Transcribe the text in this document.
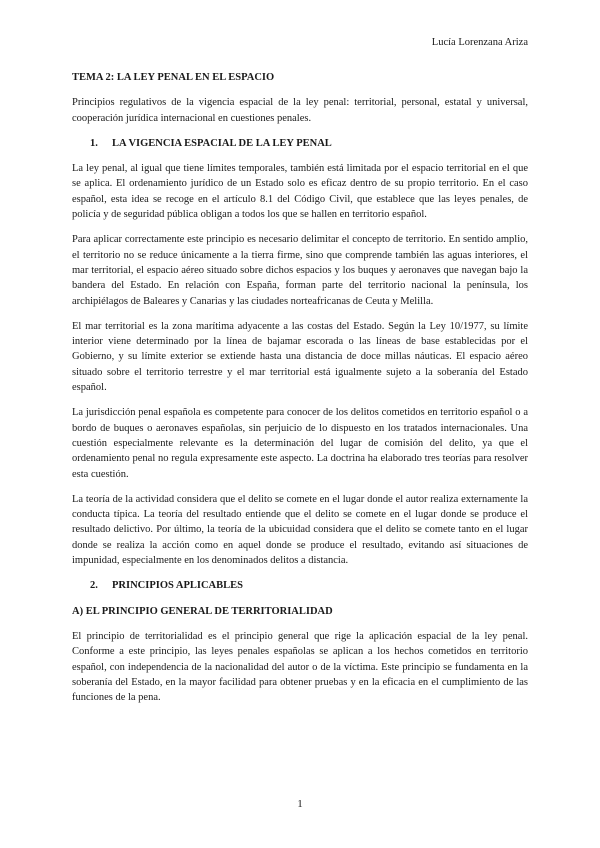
Lucía Lorenzana Ariza

TEMA 2: LA LEY PENAL EN EL ESPACIO

Principios regulativos de la vigencia espacial de la ley penal: territorial, personal, estatal y universal, cooperación jurídica internacional en cuestiones penales.

1. LA VIGENCIA ESPACIAL DE LA LEY PENAL

La ley penal, al igual que tiene límites temporales, también está limitada por el espacio territorial en el que se aplica. El ordenamiento jurídico de un Estado solo es eficaz dentro de su propio territorio. En el caso español, esta idea se recoge en el artículo 8.1 del Código Civil, que establece que las leyes penales, de policía y de seguridad pública obligan a todos los que se hallen en territorio español.

Para aplicar correctamente este principio es necesario delimitar el concepto de territorio. En sentido amplio, el territorio no se reduce únicamente a la tierra firme, sino que comprende también las aguas interiores, el mar territorial, el espacio aéreo situado sobre dichos espacios y los buques y aeronaves que navegan bajo la bandera del Estado. En relación con España, forman parte del territorio nacional la península, los archipiélagos de Baleares y Canarias y las ciudades norteafricanas de Ceuta y Melilla.

El mar territorial es la zona marítima adyacente a las costas del Estado. Según la Ley 10/1977, su límite interior viene determinado por la línea de bajamar escorada o las líneas de base establecidas por el Gobierno, y su límite exterior se extiende hasta una distancia de doce millas náuticas. El espacio aéreo situado sobre el territorio terrestre y el mar territorial está igualmente sujeto a la soberanía del Estado español.

La jurisdicción penal española es competente para conocer de los delitos cometidos en territorio español o a bordo de buques o aeronaves españolas, sin perjuicio de lo dispuesto en los tratados internacionales. Una cuestión especialmente relevante es la determinación del lugar de comisión del delito, ya que el ordenamiento penal no regula expresamente este aspecto. La doctrina ha elaborado tres teorías para resolver esta cuestión.

La teoría de la actividad considera que el delito se comete en el lugar donde el autor realiza externamente la conducta típica. La teoría del resultado entiende que el delito se comete en el lugar donde se produce el resultado delictivo. Por último, la teoría de la ubicuidad considera que el delito se comete tanto en el lugar donde se realiza la acción como en aquel donde se produce el resultado, evitando así situaciones de impunidad, especialmente en los denominados delitos a distancia.

2. PRINCIPIOS APLICABLES

A) EL PRINCIPIO GENERAL DE TERRITORIALIDAD

El principio de territorialidad es el principio general que rige la aplicación espacial de la ley penal. Conforme a este principio, las leyes penales españolas se aplican a los hechos cometidos en territorio español, con independencia de la nacionalidad del autor o de la víctima. Este principio se fundamenta en la soberanía del Estado, en la mayor facilidad para obtener pruebas y en la eficacia en el cumplimiento de las funciones de la pena.

1
